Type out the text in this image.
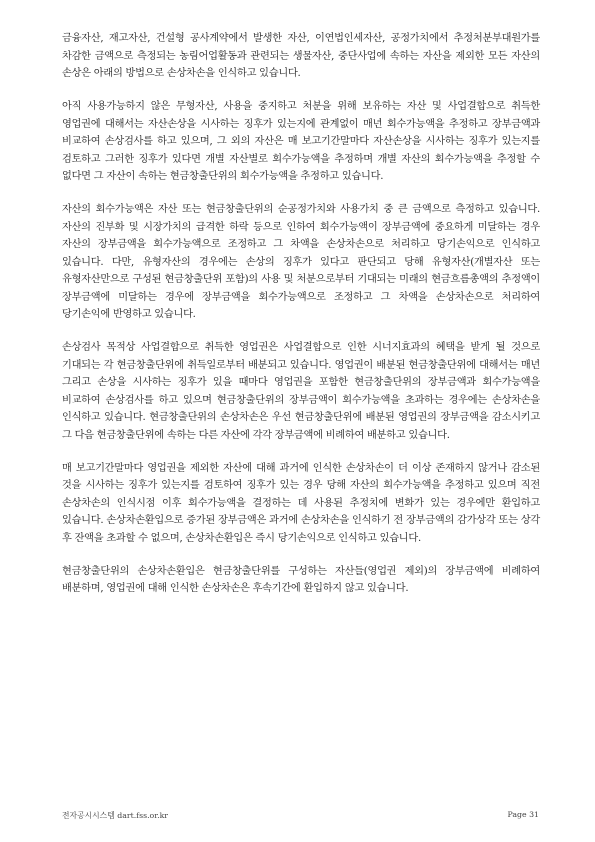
금융자산, 재고자산, 건설형 공사계약에서 발생한 자산, 이연법인세자산, 공정가치에서 추정처분부대원가를 차감한 금액으로 측정되는 농림어업활동과 관련되는 생물자산, 중단사업에 속하는 자산을 제외한 모든 자산의 손상은 아래의 방법으로 손상차손을 인식하고 있습니다.

아직 사용가능하지 않은 무형자산, 사용을 중지하고 처분을 위해 보유하는 자산 및 사업결합으로 취득한 영업권에 대해서는 자산손상을 시사하는 징후가 있는지에 관계없이 매년 회수가능액을 추정하고 장부금액과 비교하여 손상검사를 하고 있으며, 그 외의 자산은 매 보고기간말마다 자산손상을 시사하는 징후가 있는지를 검토하고 그러한 징후가 있다면 개별 자산별로 회수가능액을 추정하며 개별 자산의 회수가능액을 추정할 수 없다면 그 자산이 속하는 현금창출단위의 회수가능액을 추정하고 있습니다.

자산의 회수가능액은 자산 또는 현금창출단위의 순공정가치와 사용가치 중 큰 금액으로 측정하고 있습니다. 자산의 진부화 및 시장가치의 급격한 하락 등으로 인하여 회수가능액이 장부금액에 중요하게 미달하는 경우 자산의 장부금액을 회수가능액으로 조정하고 그 차액을 손상차손으로 처리하고 당기손익으로 인식하고 있습니다. 다만, 유형자산의 경우에는 손상의 징후가 있다고 판단되고 당해 유형자산(개별자산 또는 유형자산만으로 구성된 현금창출단위 포함)의 사용 및 처분으로부터 기대되는 미래의 현금흐름총액의 추정액이 장부금액에 미달하는 경우에 장부금액을 회수가능액으로 조정하고 그 차액을 손상차손으로 처리하여 당기손익에 반영하고 있습니다.

손상검사 목적상 사업결합으로 취득한 영업권은 사업결합으로 인한 시너지효과의 혜택을 받게 될 것으로 기대되는 각 현금창출단위에 취득일로부터 배분되고 있습니다. 영업권이 배분된 현금창출단위에 대해서는 매년 그리고 손상을 시사하는 징후가 있을 때마다 영업권을 포함한 현금창출단위의 장부금액과 회수가능액을 비교하여 손상검사를 하고 있으며 현금창출단위의 장부금액이 회수가능액을 초과하는 경우에는 손상차손을 인식하고 있습니다. 현금창출단위의 손상차손은 우선 현금창출단위에 배분된 영업권의 장부금액을 감소시키고 그 다음 현금창출단위에 속하는 다른 자산에 각각 장부금액에 비례하여 배분하고 있습니다.

매 보고기간말마다 영업권을 제외한 자산에 대해 과거에 인식한 손상차손이 더 이상 존재하지 않거나 감소된 것을 시사하는 징후가 있는지를 검토하여 징후가 있는 경우 당해 자산의 회수가능액을 추정하고 있으며 직전 손상차손의 인식시점 이후 회수가능액을 결정하는 데 사용된 추정치에 변화가 있는 경우에만 환입하고 있습니다. 손상차손환입으로 증가된 장부금액은 과거에 손상차손을 인식하기 전 장부금액의 감가상각 또는 상각 후 잔액을 초과할 수 없으며, 손상차손환입은 즉시 당기손익으로 인식하고 있습니다.

현금창출단위의 손상차손환입은 현금창출단위를 구성하는 자산들(영업권 제외)의 장부금액에 비례하여 배분하며, 영업권에 대해 인식한 손상차손은 후속기간에 환입하지 않고 있습니다.

전자공시시스템 dart.fss.or.kr	Page 31
